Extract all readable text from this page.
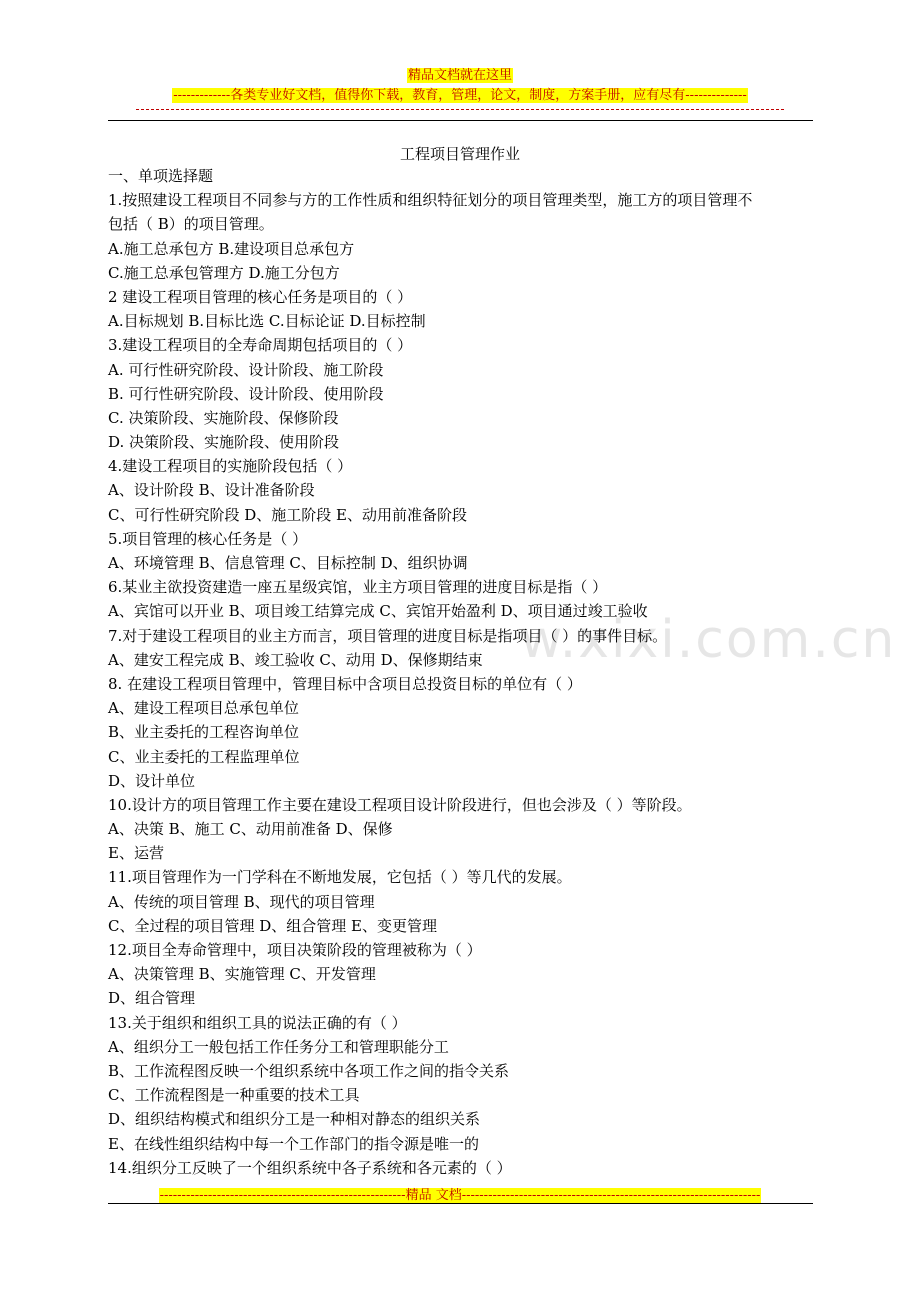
精品文档就在这里
-------------各类专业好文档，值得你下载，教育，管理，论文，制度，方案手册，应有尽有--------------
w.xixi.com.cn
工程项目管理作业
一、单项选择题
1.按照建设工程项目不同参与方的工作性质和组织特征划分的项目管理类型，施工方的项目管理不
包括（ B）的项目管理。
A.施工总承包方 B.建设项目总承包方
C.施工总承包管理方 D.施工分包方
2 建设工程项目管理的核心任务是项目的（ ）
A.目标规划 B.目标比选 C.目标论证 D.目标控制
3.建设工程项目的全寿命周期包括项目的（ ）
A. 可行性研究阶段、设计阶段、施工阶段
B. 可行性研究阶段、设计阶段、使用阶段
C. 决策阶段、实施阶段、保修阶段
D. 决策阶段、实施阶段、使用阶段
4.建设工程项目的实施阶段包括（ ）
A、设计阶段 B、设计准备阶段
C、可行性研究阶段 D、施工阶段 E、动用前准备阶段
5.项目管理的核心任务是（ ）
A、环境管理 B、信息管理 C、目标控制 D、组织协调
6.某业主欲投资建造一座五星级宾馆，业主方项目管理的进度目标是指（ ）
A、宾馆可以开业 B、项目竣工结算完成 C、宾馆开始盈利 D、项目通过竣工验收
7.对于建设工程项目的业主方而言，项目管理的进度目标是指项目（ ）的事件目标。
A、建安工程完成 B、竣工验收 C、动用 D、保修期结束
8. 在建设工程项目管理中，管理目标中含项目总投资目标的单位有（ ）
A、建设工程项目总承包单位
B、业主委托的工程咨询单位
C、业主委托的工程监理单位
D、设计单位
10.设计方的项目管理工作主要在建设工程项目设计阶段进行，但也会涉及（ ）等阶段。
A、决策 B、施工 C、动用前准备 D、保修
E、运营
11.项目管理作为一门学科在不断地发展，它包括（ ）等几代的发展。
A、传统的项目管理 B、现代的项目管理
C、全过程的项目管理 D、组合管理 E、变更管理
12.项目全寿命管理中，项目决策阶段的管理被称为（ ）
A、决策管理 B、实施管理 C、开发管理
D、组合管理
13.关于组织和组织工具的说法正确的有（ ）
A、组织分工一般包括工作任务分工和管理职能分工
B、工作流程图反映一个组织系统中各项工作之间的指令关系
C、工作流程图是一种重要的技术工具
D、组织结构模式和组织分工是一种相对静态的组织关系
E、在线性组织结构中每一个工作部门的指令源是唯一的
14.组织分工反映了一个组织系统中各子系统和各元素的（ ）
--------------------------------------------------------精品 文档--------------------------------------------------------------------
